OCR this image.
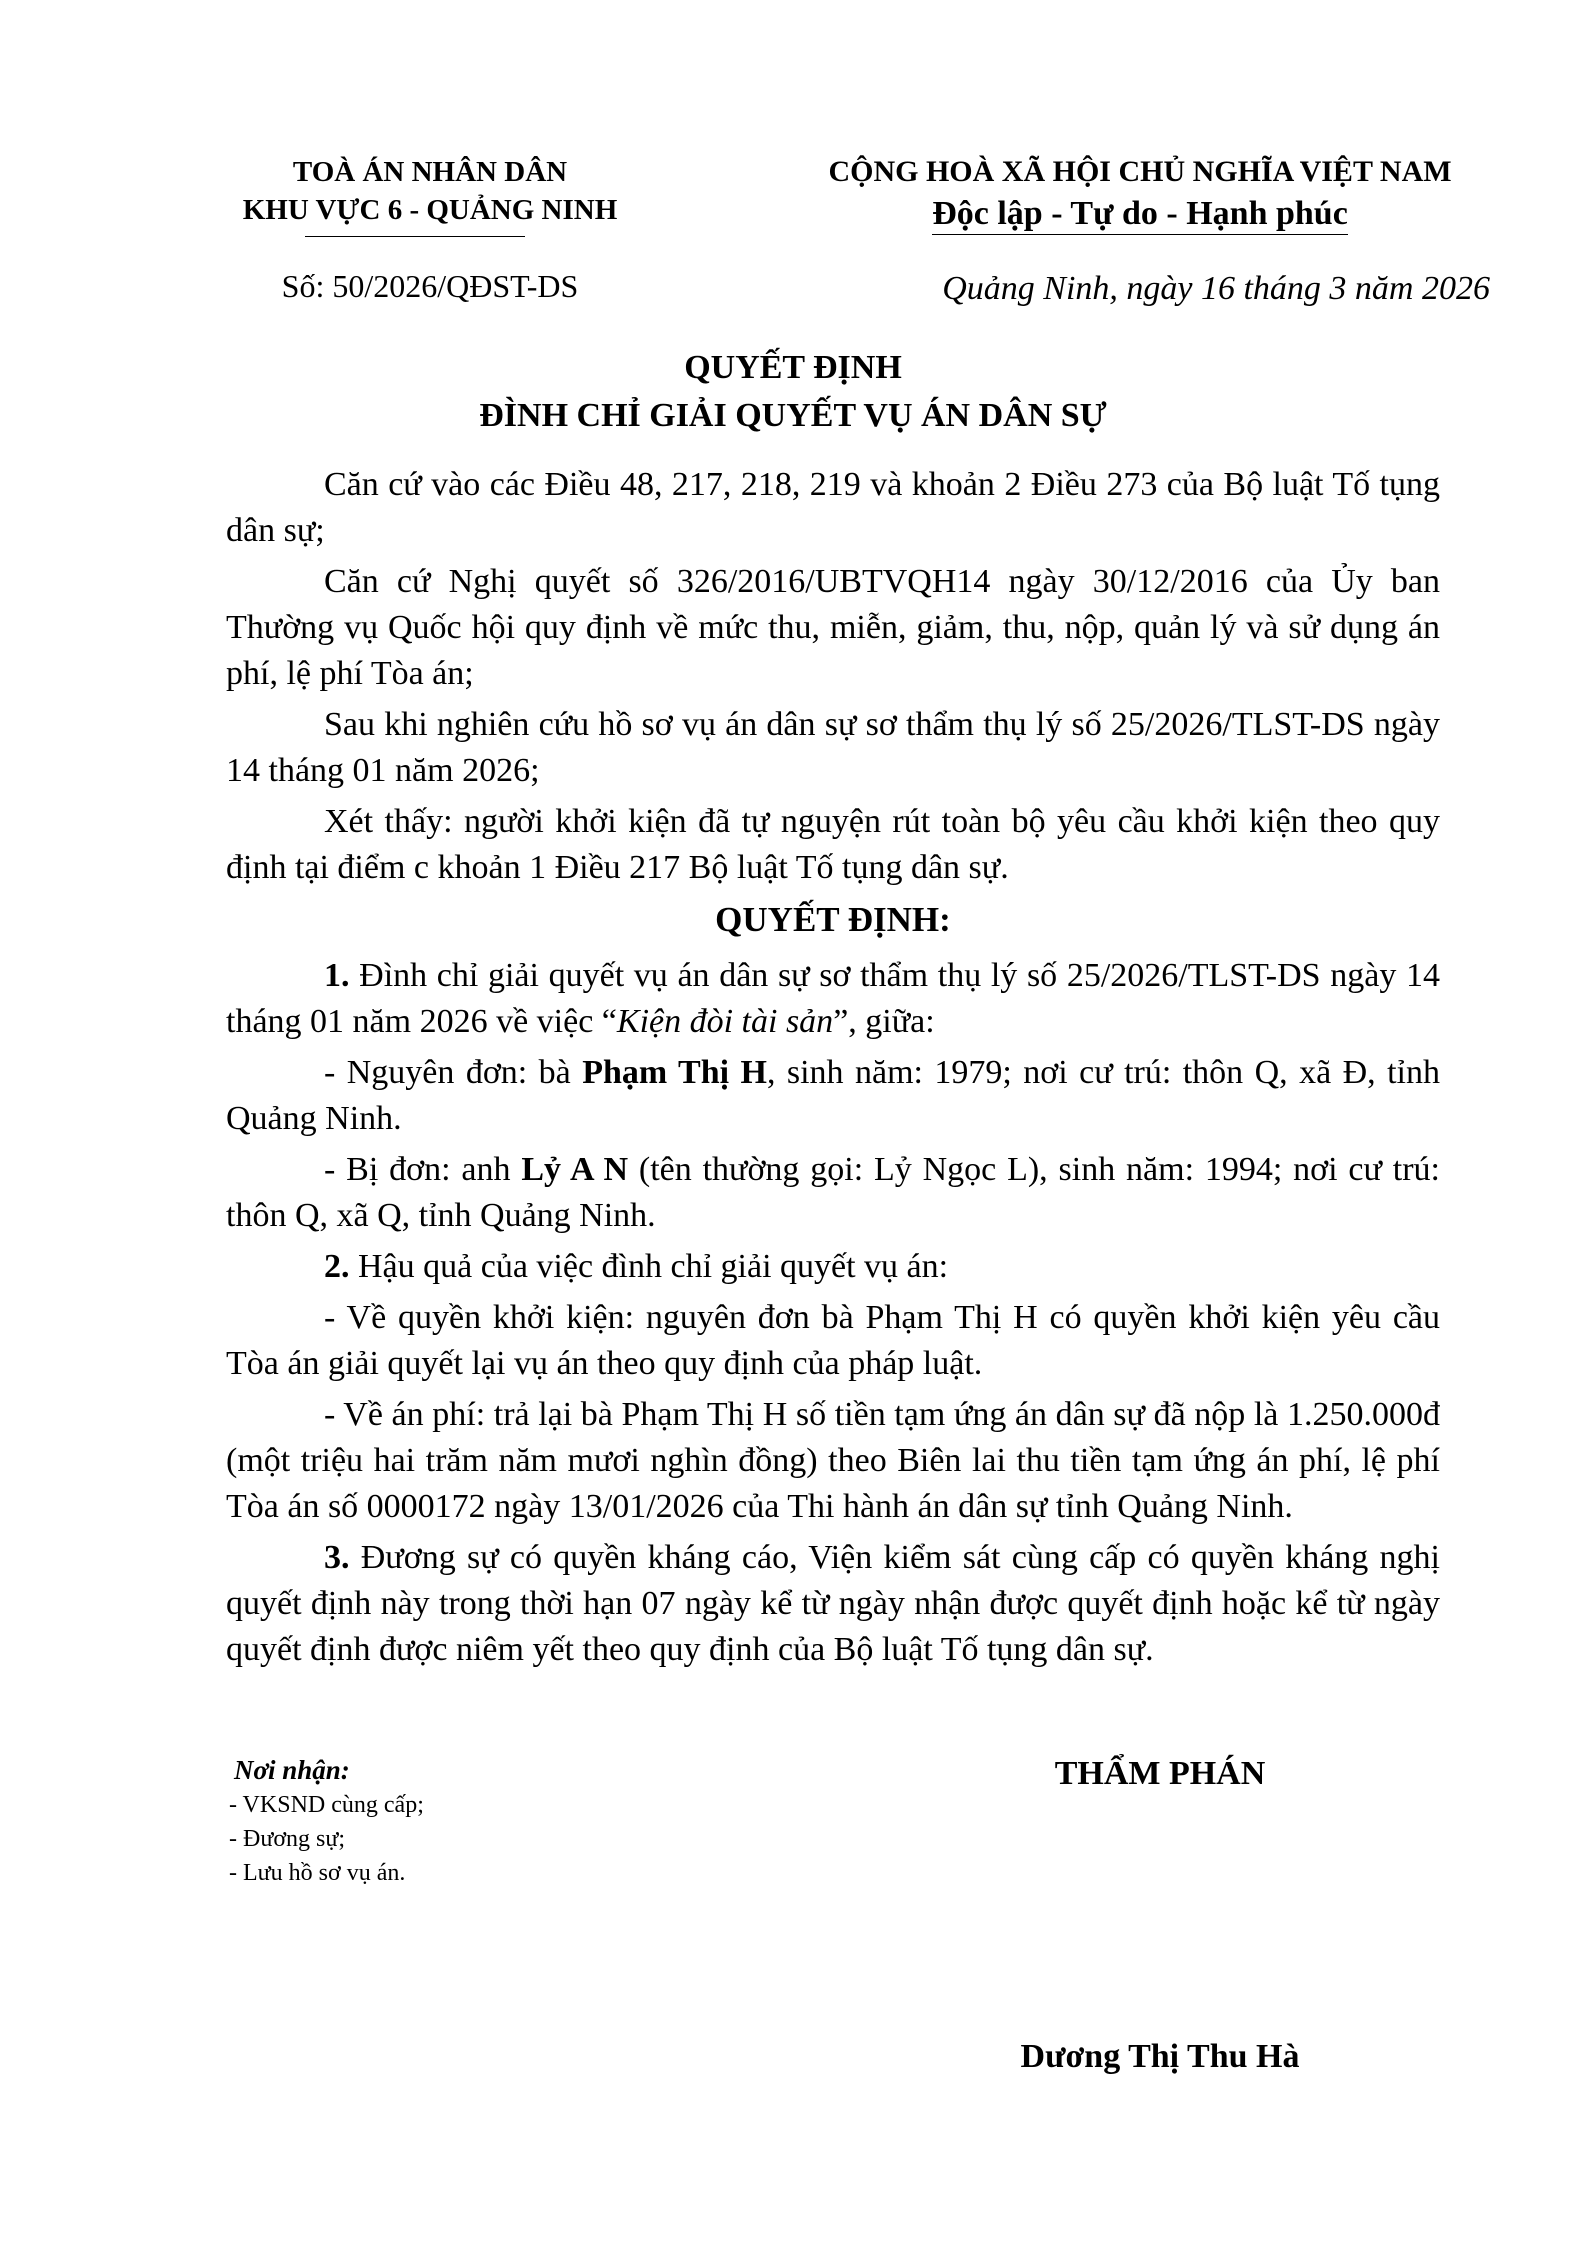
TOÀ ÁN NHÂN DÂN
KHU VỰC 6 - QUẢNG NINH
Số: 50/2026/QĐST-DS
CỘNG HOÀ XÃ HỘI CHỦ NGHĨA VIỆT NAM
Độc lập - Tự do - Hạnh phúc
Quảng Ninh, ngày 16 tháng 3 năm 2026
QUYẾT ĐỊNH
ĐÌNH CHỈ GIẢI QUYẾT VỤ ÁN DÂN SỰ

Căn cứ vào các Điều 48, 217, 218, 219 và khoản 2 Điều 273 của Bộ luật Tố tụng dân sự;

Căn cứ Nghị quyết số 326/2016/UBTVQH14 ngày 30/12/2016 của Ủy ban Thường vụ Quốc hội quy định về mức thu, miễn, giảm, thu, nộp, quản lý và sử dụng án phí, lệ phí Tòa án;

Sau khi nghiên cứu hồ sơ vụ án dân sự sơ thẩm thụ lý số 25/2026/TLST-DS ngày 14 tháng 01 năm 2026;

Xét thấy: người khởi kiện đã tự nguyện rút toàn bộ yêu cầu khởi kiện theo quy định tại điểm c khoản 1 Điều 217 Bộ luật Tố tụng dân sự.

QUYẾT ĐỊNH:

1. Đình chỉ giải quyết vụ án dân sự sơ thẩm thụ lý số 25/2026/TLST-DS ngày 14 tháng 01 năm 2026 về việc “Kiện đòi tài sản”, giữa:

- Nguyên đơn: bà Phạm Thị H, sinh năm: 1979; nơi cư trú: thôn Q, xã Đ, tỉnh Quảng Ninh.

- Bị đơn: anh Lỷ A N (tên thường gọi: Lỷ Ngọc L), sinh năm: 1994; nơi cư trú: thôn Q, xã Q, tỉnh Quảng Ninh.

2. Hậu quả của việc đình chỉ giải quyết vụ án:

- Về quyền khởi kiện: nguyên đơn bà Phạm Thị H có quyền khởi kiện yêu cầu Tòa án giải quyết lại vụ án theo quy định của pháp luật.

- Về án phí: trả lại bà Phạm Thị H số tiền tạm ứng án dân sự đã nộp là 1.250.000đ (một triệu hai trăm năm mươi nghìn đồng) theo Biên lai thu tiền tạm ứng án phí, lệ phí Tòa án số 0000172 ngày 13/01/2026 của Thi hành án dân sự tỉnh Quảng Ninh.

3. Đương sự có quyền kháng cáo, Viện kiểm sát cùng cấp có quyền kháng nghị quyết định này trong thời hạn 07 ngày kể từ ngày nhận được quyết định hoặc kể từ ngày quyết định được niêm yết theo quy định của Bộ luật Tố tụng dân sự.

Nơi nhận:
- VKSND cùng cấp;
- Đương sự;
- Lưu hồ sơ vụ án.
THẨM PHÁN
Dương Thị Thu Hà
